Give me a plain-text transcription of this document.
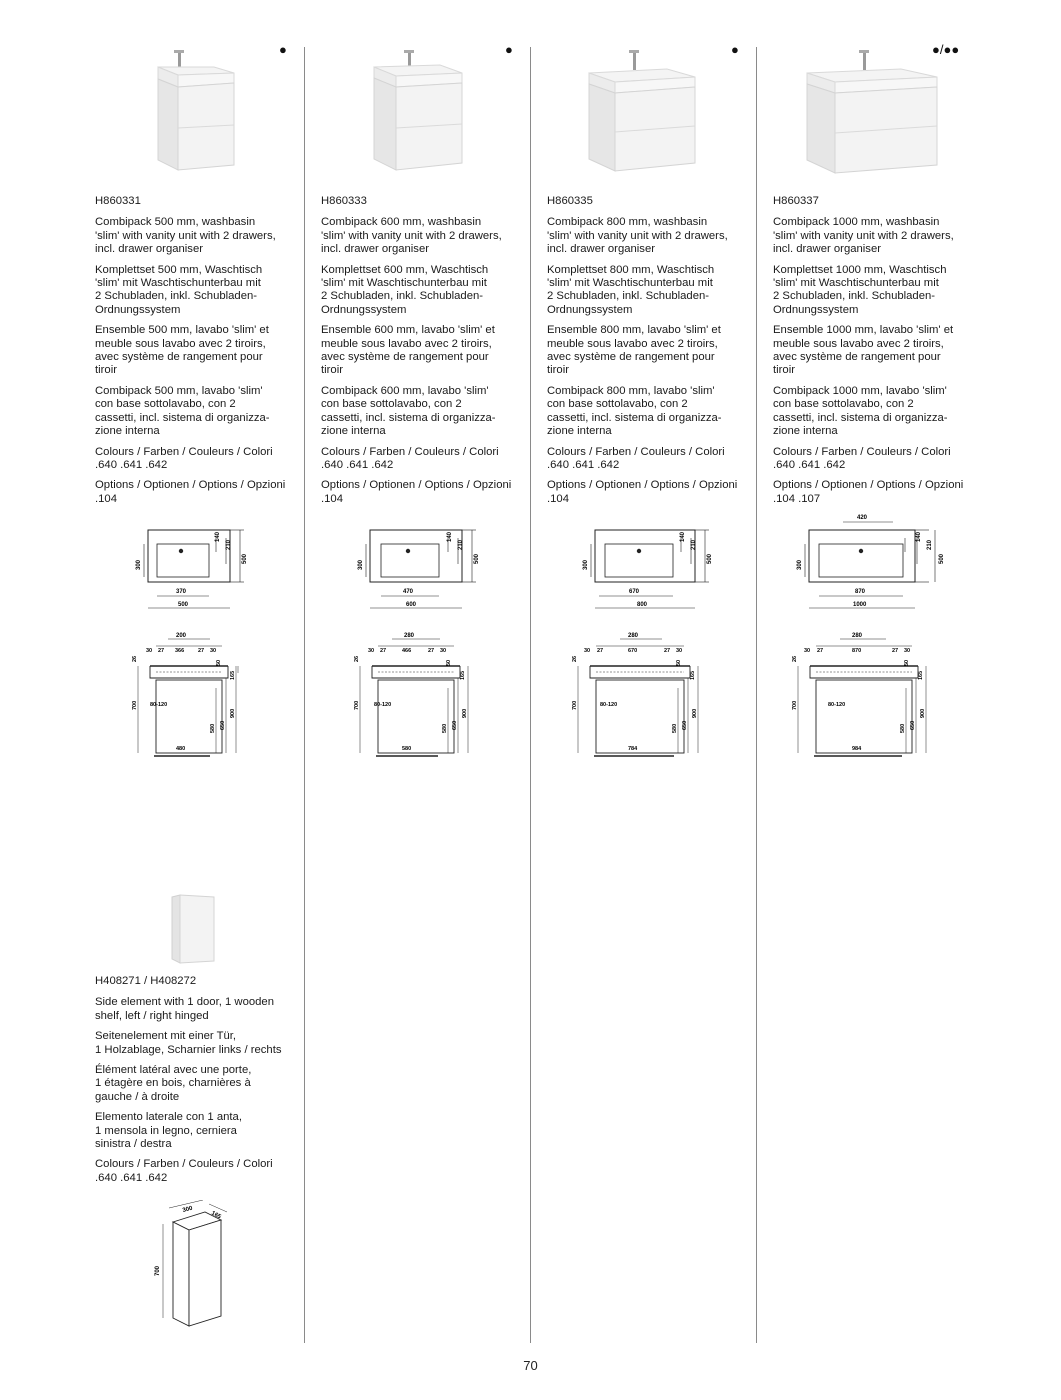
●

H860331

Combipack 500 mm, washbasin
'slim' with vanity unit with 2 drawers,
incl. drawer organiser

Komplettset 500 mm, Waschtisch
'slim' mit Waschtischunterbau mit
2 Schubladen, inkl. Schubladen-
Ordnungssystem

Ensemble 500 mm, lavabo 'slim' et
meuble sous lavabo avec 2 tiroirs,
avec système de rangement pour
tiroir

Combipack 500 mm, lavabo 'slim'
con base sottolavabo, con 2
cassetti, incl. sistema di organizza-
zione interna

Colours / Farben / Couleurs / Colori
.640 .641 .642

Options / Optionen / Options / Opzioni
.104

140
210
500
300
370
500
200
30 27 366	27 30
26
50
165
80-120
700
580 650
900
480
●

H860333

Combipack 600 mm, washbasin
'slim' with vanity unit with 2 drawers,
incl. drawer organiser

Komplettset 600 mm, Waschtisch
'slim' mit Waschtischunterbau mit
2 Schubladen, inkl. Schubladen-
Ordnungssystem

Ensemble 600 mm, lavabo 'slim' et
meuble sous lavabo avec 2 tiroirs,
avec système de rangement pour
tiroir

Combipack 600 mm, lavabo 'slim'
con base sottolavabo, con 2
cassetti, incl. sistema di organizza-
zione interna

Colours / Farben / Couleurs / Colori
.640 .641 .642

Options / Optionen / Options / Opzioni
.104

140
210
500
300
470
600
280
30 27	466	27 30
26
50
165
80-120
700
580 650
900
580
●

H860335

Combipack 800 mm, washbasin
'slim' with vanity unit with 2 drawers,
incl. drawer organiser

Komplettset 800 mm, Waschtisch
'slim' mit Waschtischunterbau mit
2 Schubladen, inkl. Schubladen-
Ordnungssystem

Ensemble 800 mm, lavabo 'slim' et
meuble sous lavabo avec 2 tiroirs,
avec système de rangement pour
tiroir

Combipack 800 mm, lavabo 'slim'
con base sottolavabo, con 2
cassetti, incl. sistema di organizza-
zione interna

Colours / Farben / Couleurs / Colori
.640 .641 .642

Options / Optionen / Options / Opzioni
.104

140
210
500
300
670
800
280
30 27	670	27 30
26
50
165
80-120
700
580 650
900
784
●/●●

H860337

Combipack 1000 mm, washbasin
'slim' with vanity unit with 2 drawers,
incl. drawer organiser

Komplettset 1000 mm, Waschtisch
'slim' mit Waschtischunterbau mit
2 Schubladen, inkl. Schubladen-
Ordnungssystem

Ensemble 1000 mm, lavabo 'slim' et
meuble sous lavabo avec 2 tiroirs,
avec système de rangement pour
tiroir

Combipack 1000 mm, lavabo 'slim'
con base sottolavabo, con 2
cassetti, incl. sistema di organizza-
zione interna

Colours / Farben / Couleurs / Colori
.640 .641 .642

Options / Optionen / Options / Opzioni
.104 .107

420
140
210
500
300
870
1000
280
30 27	870	27 30
26
50
165
80-120
700
580 650
900
984

H408271 / H408272

Side element with 1 door, 1 wooden
shelf, left / right hinged

Seitenelement mit einer Tür,
1 Holzablage, Scharnier links / rechts

Élément latéral avec une porte,
1 étagère en bois, charnières à
gauche / à droite

Elemento laterale con 1 anta,
1 mensola in legno, cerniera
sinistra / destra

Colours / Farben / Couleurs / Colori
.640 .641 .642

300
165
700
70
